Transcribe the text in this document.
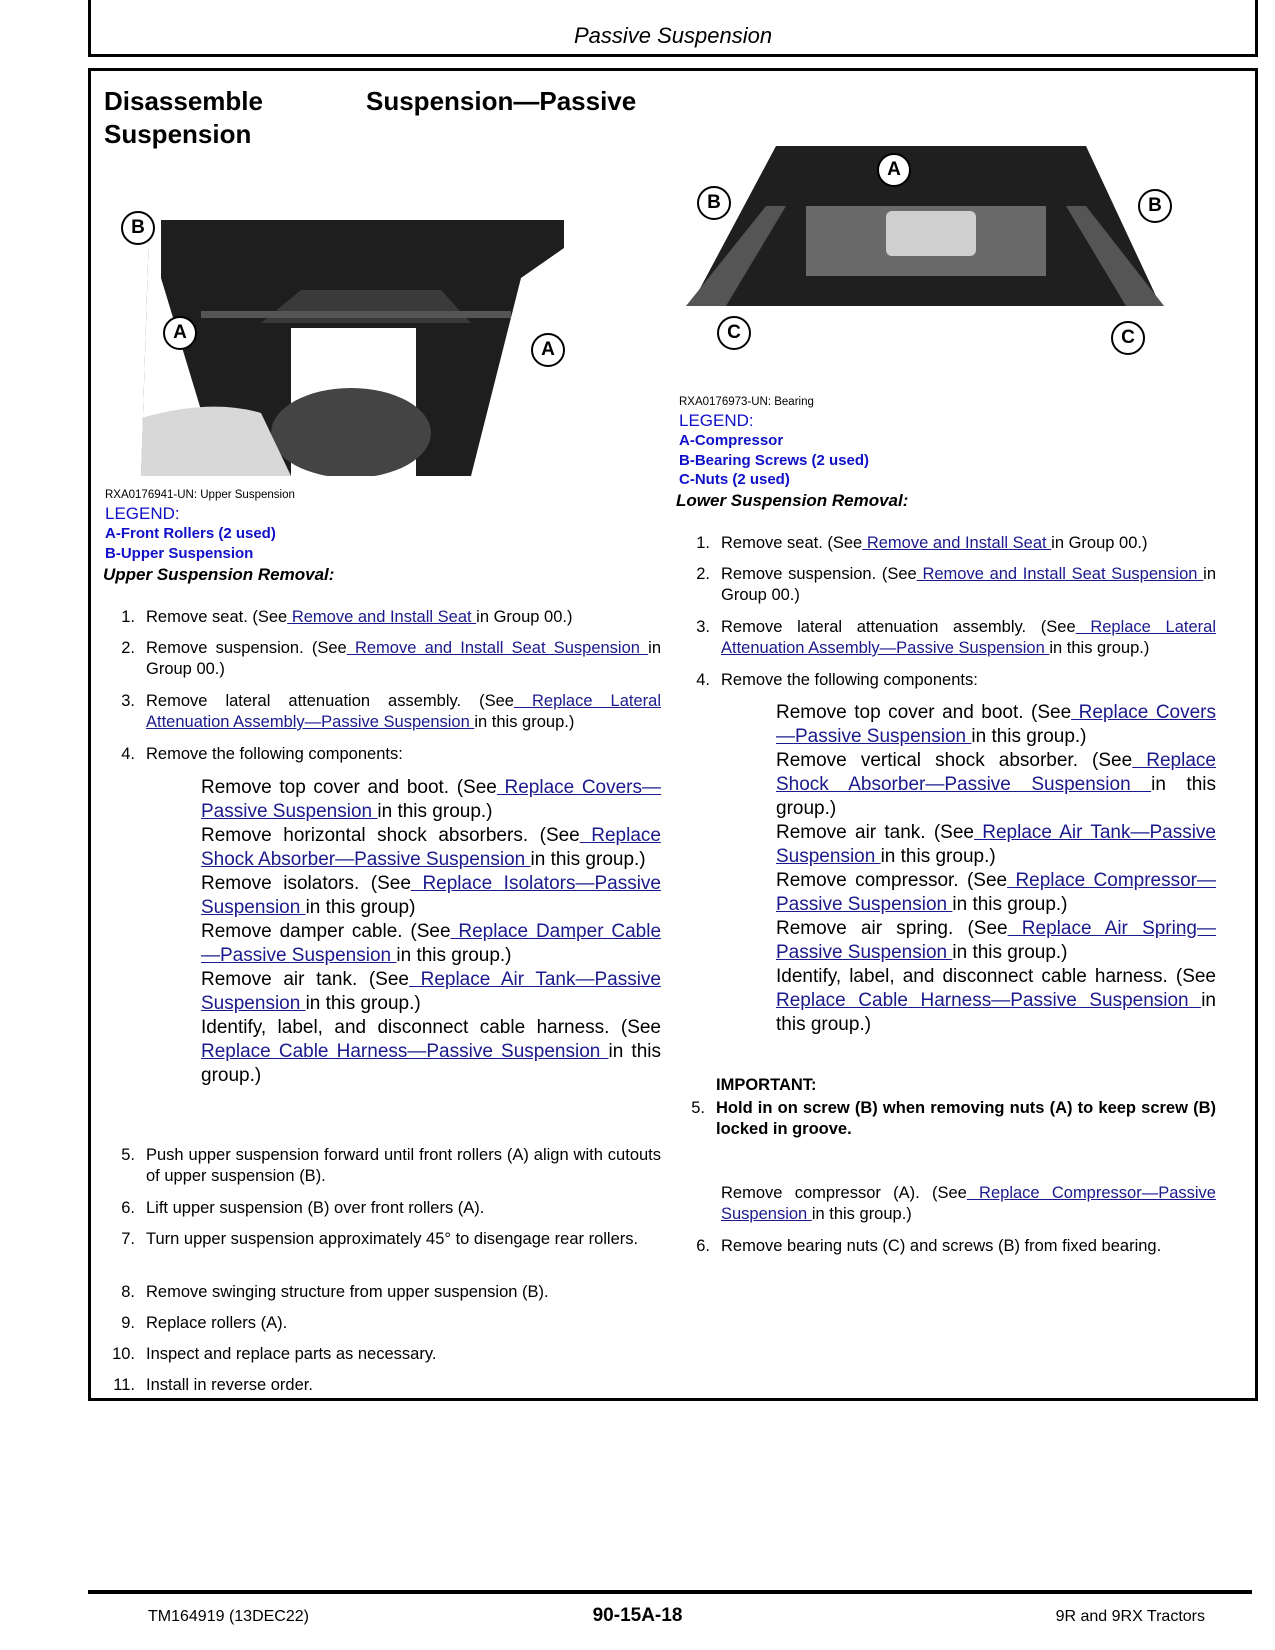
Passive Suspension
Disassemble	Suspension—Passive

Suspension
B
A
A
RXA0176941-UN: Upper Suspension
LEGEND:
A-Front Rollers (2 used)
B-Upper Suspension
Upper Suspension Removal:
1. Remove seat. (See Remove and Install Seat in Group 00.)
2. Remove suspension. (See Remove and Install Seat Suspension in Group 00.)
3. Remove lateral attenuation assembly. (See Replace Lateral Attenuation Assembly—Passive Suspension in this group.)
4. Remove the following components:
Remove top cover and boot. (See Replace Covers—Passive Suspension in this group.)
Remove horizontal shock absorbers. (See Replace Shock Absorber—Passive Suspension in this group.)
Remove isolators. (See Replace Isolators—Passive Suspension in this group)
Remove damper cable. (See Replace Damper Cable—Passive Suspension in this group.)
Remove air tank. (See Replace Air Tank—Passive Suspension in this group.)
Identify, label, and disconnect cable harness. (See Replace Cable Harness—Passive Suspension in this group.)
5. Push upper suspension forward until front rollers (A) align with cutouts of upper suspension (B).
6. Lift upper suspension (B) over front rollers (A).
7. Turn upper suspension approximately 45° to disengage rear rollers.
8. Remove swinging structure from upper suspension (B).
9. Replace rollers (A).
10. Inspect and replace parts as necessary.
11. Install in reverse order.
A
B	B
C	C
RXA0176973-UN: Bearing
LEGEND:
A-Compressor
B-Bearing Screws (2 used)
C-Nuts (2 used)
Lower Suspension Removal:
1. Remove seat. (See Remove and Install Seat in Group 00.)
2. Remove suspension. (See Remove and Install Seat Suspension in Group 00.)
3. Remove lateral attenuation assembly. (See Replace Lateral Attenuation Assembly—Passive Suspension in this group.)
4. Remove the following components:
Remove top cover and boot. (See Replace Covers—Passive Suspension in this group.)
Remove vertical shock absorber. (See Replace Shock Absorber—Passive Suspension in this group.)
Remove air tank. (See Replace Air Tank—Passive Suspension in this group.)
Remove compressor. (See Replace Compressor—Passive Suspension in this group.)
Remove air spring. (See Replace Air Spring—Passive Suspension in this group.)
Identify, label, and disconnect cable harness. (See Replace Cable Harness—Passive Suspension in this group.)
IMPORTANT:
5. Hold in on screw (B) when removing nuts (A) to keep screw (B) locked in groove.
Remove compressor (A). (See Replace Compressor—Passive Suspension in this group.)
6. Remove bearing nuts (C) and screws (B) from fixed bearing.
TM164919 (13DEC22)	90-15A-18	9R and 9RX Tractors
